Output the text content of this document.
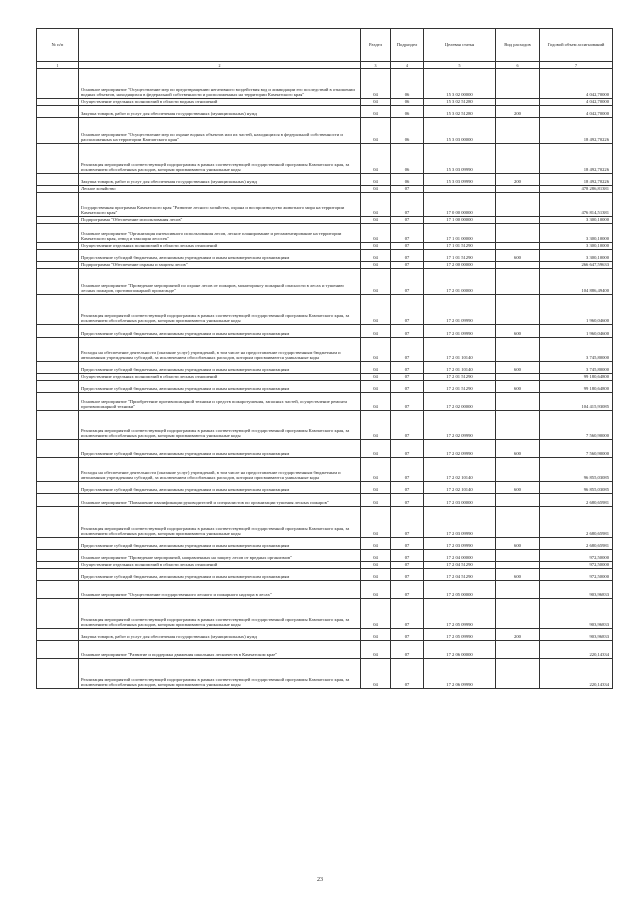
№ п/п		Раздел	Подраздел	Целевая статья	Вид расходов	Годовой объем ассигнований
1	2	3	4	5	6	7
	Основное мероприятие "Осуществление мер по предотвращению негативного воздействия вод и ликвидации его последствий в отношении водных объектов, находящихся в федеральной собственности и расположенных на территории Камчатского края"	04	06	15 3 02 00000		4 042,70000
	Осуществление отдельных полномочий в области водных отношений	04	06	15 3 02 51280		4 042,70000
	Закупка товаров, работ и услуг для обеспечения государственных (муниципальных) нужд	04	06	15 3 02 51280	200	4 042,70000
	Основное мероприятие "Осуществление мер по охране водных объектов или их частей, находящихся в федеральной собственности и расположенных на территории Камчатского края"	04	06	15 3 03 00000		18 492,70226
	Реализация мероприятий соответствующей подпрограммы в рамках соответствующей государственной программы Камчатского края, за исключением обособленных расходов, которым присваиваются уникальные коды	04	06	15 3 03 09990		18 492,70226
	Закупка товаров, работ и услуг для обеспечения государственных (муниципальных) нужд	04	06	15 3 03 09990	200	18 492,70226
	Лесное хозяйство	04	07			478 286,81381
	Государственная программа Камчатского края "Развитие лесного хозяйства, охрана и воспроизводство животного мира на территории Камчатского края"	04	07	17 0 00 00000		476 814,51381
	Подпрограмма "Обеспечение использования лесов"	04	07	17 1 00 00000		3 300,10000
	Основное мероприятие "Организация интенсивного использования лесов, лесное планирование и регламентирование на территории Камчатского края, отвод и таксация лесосек"	04	07	17 1 01 00000		3 300,10000
	Осуществление отдельных полномочий в области лесных отношений	04	07	17 1 01 51290		3 300,10000
	Предоставление субсидий бюджетным, автономным учреждениям и иным некоммерческим организациям	04	07	17 1 01 51290	600	3 300,10000
	Подпрограмма "Обеспечение охраны и защиты лесов"	04	07	17 2 00 00000		266 647,59633
	Основное мероприятие "Проведение мероприятий по охране лесов от пожаров, мониторингу пожарной опасности в лесах и тушению лесных пожаров, противопожарной пропаганде"	04	07	17 2 01 00000		104 886,49400
	Реализация мероприятий соответствующей подпрограммы в рамках соответствующей государственной программы Камчатского края, за исключением обособленных расходов, которым присваиваются уникальные коды	04	07	17 2 01 09990		1 960,04600
	Предоставление субсидий бюджетным, автономным учреждениям и иным некоммерческим организациям	04	07	17 2 01 09990	600	1 960,04600
	Расходы на обеспечение деятельности (оказание услуг) учреждений, в том числе на предоставление государственным бюджетным и автономным учреждениям субсидий, за исключением обособленных расходов, которым присваиваются уникальные коды	04	07	17 2 01 10140		3 745,80000
	Предоставление субсидий бюджетным, автономным учреждениям и иным некоммерческим организациям	04	07	17 2 01 10140	600	3 745,80000
	Осуществление отдельных полномочий в области лесных отношений	04	07	17 2 01 51290		99 180,64800
	Предоставление субсидий бюджетным, автономным учреждениям и иным некоммерческим организациям	04	07	17 2 01 51290	600	99 180,64800
	Основное мероприятие "Приобретение противопожарной техники и средств пожаротушения, запасных частей, осуществление ремонта противопожарной техники"	04	07	17 2 02 00000		104 415,93085
	Реализация мероприятий соответствующей подпрограммы в рамках соответствующей государственной программы Камчатского края, за исключением обособленных расходов, которым присваиваются уникальные коды	04	07	17 2 02 09990		7 560,90000
	Предоставление субсидий бюджетным, автономным учреждениям и иным некоммерческим организациям	04	07	17 2 02 09990	600	7 560,90000
	Расходы на обеспечение деятельности (оказание услуг) учреждений, в том числе на предоставление государственным бюджетным и автономным учреждениям субсидий, за исключением обособленных расходов, которым присваиваются уникальные коды	04	07	17 2 02 10140		96 855,03085
	Предоставление субсидий бюджетным, автономным учреждениям и иным некоммерческим организациям	04	07	17 2 02 10140	600	96 855,03085
	Основное мероприятие "Повышение квалификации руководителей и специалистов по организации тушения лесных пожаров"	04	07	17 2 03 00000		2 680,65981
	Реализация мероприятий соответствующей подпрограммы в рамках соответствующей государственной программы Камчатского края, за исключением обособленных расходов, которым присваиваются уникальные коды	04	07	17 2 03 09990		2 680,65981
	Предоставление субсидий бюджетным, автономным учреждениям и иным некоммерческим организациям	04	07	17 2 03 09990	600	2 680,65981
	Основное мероприятие "Проведение мероприятий, направленных на защиту лесов от вредных организмов"	04	07	17 2 04 00000		972,50000
	Осуществление отдельных полномочий в области лесных отношений	04	07	17 2 04 51290		972,50000
	Предоставление субсидий бюджетным, автономным учреждениям и иным некоммерческим организациям	04	07	17 2 04 51290	600	972,50000
	Основное мероприятие "Осуществление государственного лесного и пожарного надзора в лесах"	04	07	17 2 05 00000		903,96833
	Реализация мероприятий соответствующей подпрограммы в рамках соответствующей государственной программы Камчатского края, за исключением обособленных расходов, которым присваиваются уникальные коды	04	07	17 2 05 09990		903,96833
	Закупка товаров, работ и услуг для обеспечения государственных (муниципальных) нужд	04	07	17 2 05 09990	200	903,96833
	Основное мероприятие "Развитие и поддержка движения школьных лесничеств в Камчатском крае"	04	07	17 2 06 00000		220,14334
	Реализация мероприятий соответствующей подпрограммы в рамках соответствующей государственной программы Камчатского края, за исключением обособленных расходов, которым присваиваются уникальные коды	04	07	17 2 06 09990		220,14334
23
